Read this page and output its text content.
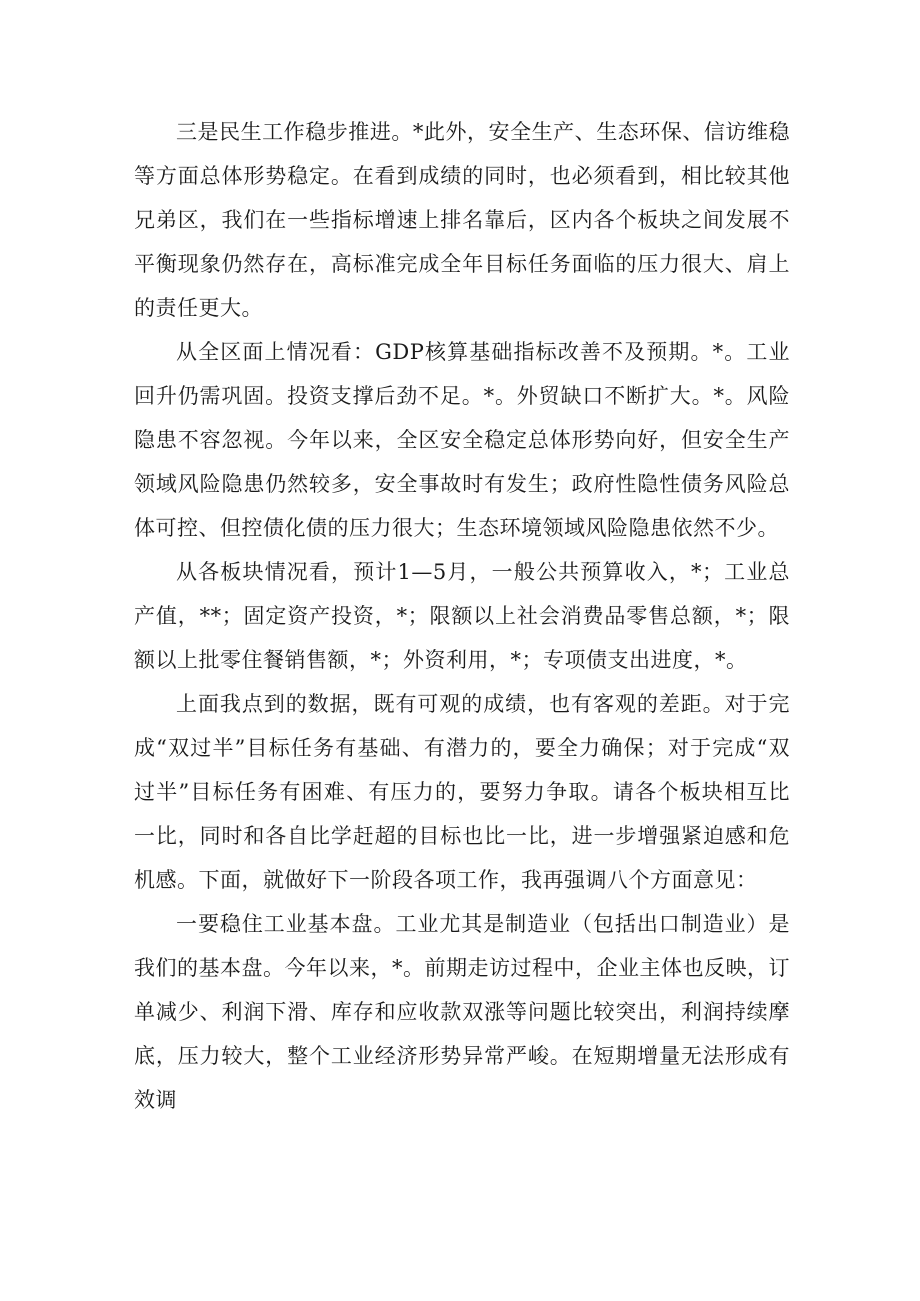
三是民生工作稳步推进。*此外，安全生产、生态环保、信访维稳等方面总体形势稳定。在看到成绩的同时，也必须看到，相比较其他兄弟区，我们在一些指标增速上排名靠后，区内各个板块之间发展不平衡现象仍然存在，高标准完成全年目标任务面临的压力很大、肩上的责任更大。

从全区面上情况看：GDP核算基础指标改善不及预期。*。工业回升仍需巩固。投资支撑后劲不足。*。外贸缺口不断扩大。*。风险隐患不容忽视。今年以来，全区安全稳定总体形势向好，但安全生产领域风险隐患仍然较多，安全事故时有发生；政府性隐性债务风险总体可控、但控债化债的压力很大；生态环境领域风险隐患依然不少。

从各板块情况看，预计1—5月，一般公共预算收入，*；工业总产值，**；固定资产投资，*；限额以上社会消费品零售总额，*；限额以上批零住餐销售额，*；外资利用，*；专项债支出进度，*。

上面我点到的数据，既有可观的成绩，也有客观的差距。对于完成“双过半”目标任务有基础、有潜力的，要全力确保；对于完成“双过半”目标任务有困难、有压力的，要努力争取。请各个板块相互比一比，同时和各自比学赶超的目标也比一比，进一步增强紧迫感和危机感。下面，就做好下一阶段各项工作，我再强调八个方面意见：

一要稳住工业基本盘。工业尤其是制造业（包括出口制造业）是我们的基本盘。今年以来，*。前期走访过程中，企业主体也反映，订单减少、利润下滑、库存和应收款双涨等问题比较突出，利润持续摩底，压力较大，整个工业经济形势异常严峻。在短期增量无法形成有效调
